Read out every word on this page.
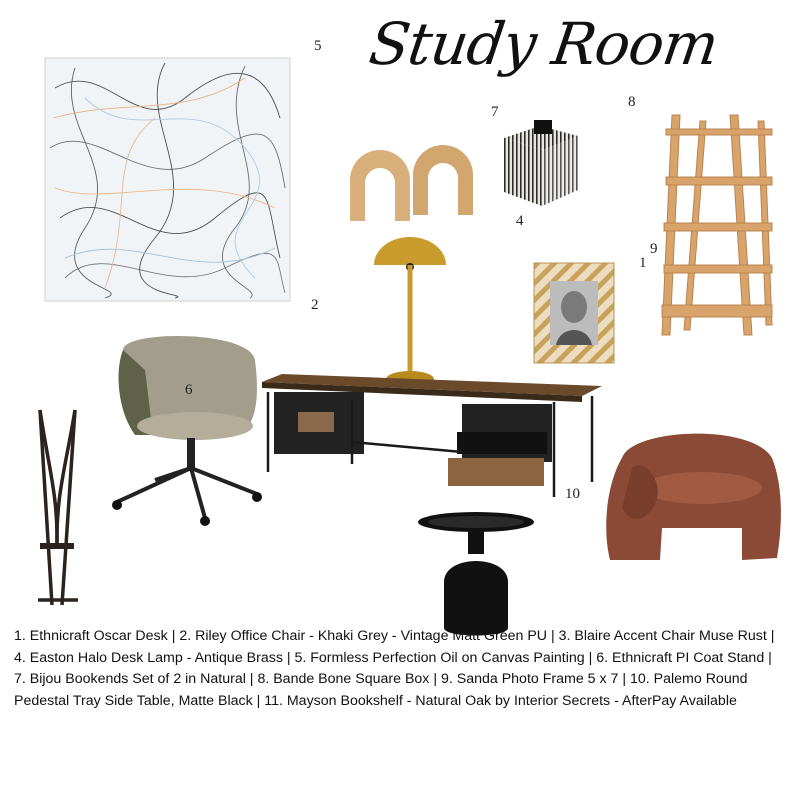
Study Room
5
7
8
4
1
9
2
6
10
1. Ethnicraft Oscar Desk | 2. Riley Office Chair - Khaki Grey - Vintage Matt Green PU | 3. Blaire Accent Chair Muse Rust | 4. Easton Halo Desk Lamp - Antique Brass | 5. Formless Perfection Oil on Canvas Painting | 6. Ethnicraft PI Coat Stand | 7. Bijou Bookends Set of 2 in Natural | 8. Bande Bone Square Box | 9. Sanda Photo Frame 5 x 7 | 10. Palemo Round Pedestal Tray Side Table, Matte Black | 11. Mayson Bookshelf - Natural Oak by Interior Secrets - AfterPay Available
